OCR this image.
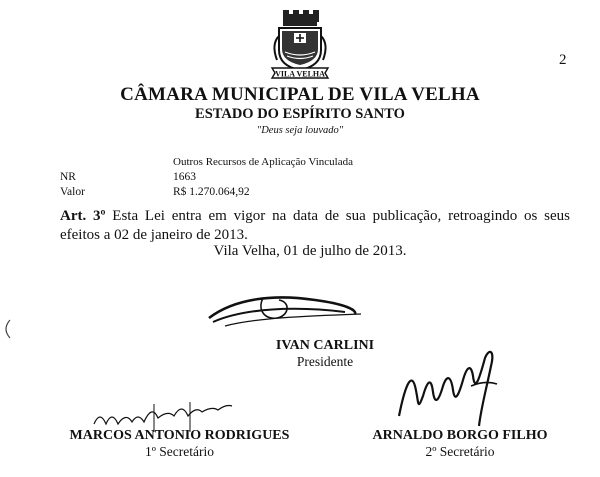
2
VILA VELHA
CÂMARA MUNICIPAL DE VILA VELHA
ESTADO DO ESPÍRITO SANTO
"Deus seja louvado"
Outros Recursos de Aplicação Vinculada
NR	1663
Valor	R$ 1.270.064,92
Art. 3º Esta Lei entra em vigor na data de sua publicação, retroagindo os seus efeitos a 02 de janeiro de 2013.
Vila Velha, 01 de julho de 2013.
IVAN CARLINI
Presidente
MARCOS ANTONIO RODRIGUES
1º Secretário
ARNALDO BORGO FILHO
2º Secretário
